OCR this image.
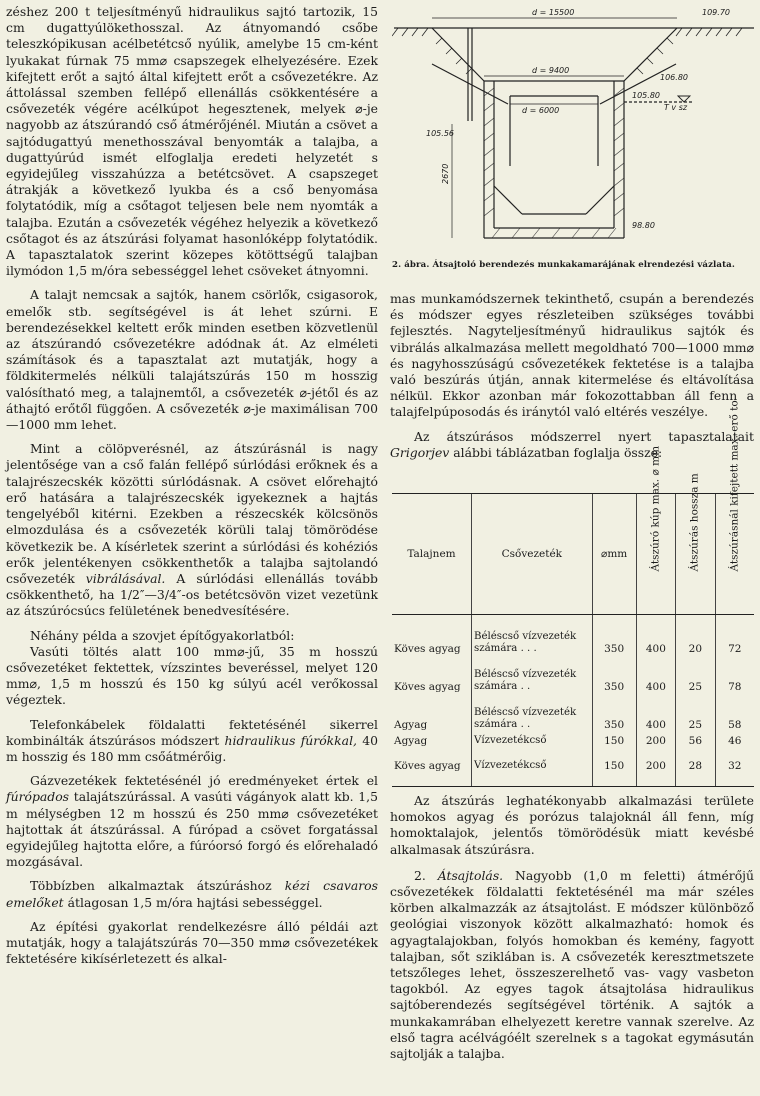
zéshez 200 t teljesítményű hidraulikus sajtó tartozik, 15 cm dugattyúlökethosszal. Az átnyomandó csőbe teleszkópikusan acélbetétcső nyúlik, amelybe 15 cm-ként lyukakat fúrnak 75 mm⌀ csapszegek elhelyezésére. Ezek kifejtett erőt a sajtó által kifejtett erőt a csővezetékre. Az áttolással szemben fellépő ellenállás csökkentésére a csővezeték végére acélkúpot hegesztenek, melyek ⌀-je nagyobb az átszúrandó cső átmérőjénél. Miután a csövet a sajtódugattyú menethosszával benyomták a talajba, a dugattyúrúd ismét elfoglalja eredeti helyzetét s egyidejűleg visszahúzza a betétcsövet. A csapszeget átrakják a következő lyukba és a cső benyomása folytatódik, míg a csőtagot teljesen bele nem nyomták a talajba. Ezután a csővezeték végéhez helyezik a következő csőtagot és az átszúrási folyamat hasonlóképp folytatódik. A tapasztalatok szerint közepes kötöttségű talajban ilymódon 1,5 m/óra sebességgel lehet csöveket átnyomni.

A talajt nemcsak a sajtók, hanem csörlők, csigasorok, emelők stb. segítségével is át lehet szúrni. E berendezésekkel keltett erők minden esetben közvetlenül az átszúrandó csővezetékre adódnak át. Az elméleti számítások és a tapasztalat azt mutatják, hogy a földkitermelés nélküli talajátszúrás 150 m hosszig valósítható meg, a talajnemtől, a csővezeték ⌀-jétől és az áthajtó erőtől függően. A csővezeték ⌀-je maximálisan 700—1000 mm lehet.

Mint a cölöpverésnél, az átszúrásnál is nagy jelentősége van a cső falán fellépő súrlódási erőknek és a talajrészecskék közötti súrlódásnak. A csövet előrehajtó erő hatására a talajrészecskék igyekeznek a hajtás tengelyéből kitérni. Ezekben a részecskék kölcsönös elmozdulása és a csővezeték körüli talaj tömörödése következik be. A kísérletek szerint a súrlódási és kohéziós erők jelentékenyen csökkenthetők a talajba sajtolandó csővezeték vibrálásával. A súrlódási ellenállás tovább csökkenthető, ha 1/2″—3/4″-os betétcsövön vizet vezetünk az átszúrócsúcs felületének benedvesítésére.

Néhány példa a szovjet építőgyakorlatból:

Vasúti töltés alatt 100 mm⌀-jű, 35 m hosszú csővezetéket fektettek, vízszintes beveréssel, melyet 120 mm⌀, 1,5 m hosszú és 150 kg súlyú acél verőkossal végeztek.

Telefonkábelek földalatti fektetésénél sikerrel kombinálták átszúrásos módszert hidraulikus fúrókkal, 40 m hosszig és 180 mm csőátmérőig.

Gázvezetékek fektetésénél jó eredményeket értek el fúrópados talajátszúrással. A vasúti vágányok alatt kb. 1,5 m mélységben 12 m hosszú és 250 mm⌀ csővezetéket hajtottak át átszúrással. A fúrópad a csövet forgatással egyidejűleg hajtotta előre, a fúróorsó forgó és előrehaladó mozgásával.

Többízben alkalmaztak átszúráshoz kézi csavaros emelőket átlagosan 1,5 m/óra hajtási sebességgel.

Az építési gyakorlat rendelkezésre álló példái azt mutatják, hogy a talajátszúrás 70—350 mm⌀ csővezetékek fektetésére kikísérletezett és alkal-

d = 15500	109.70
d = 9400
106.80
d = 6000
105.80
T v sz
105.56
2670
98.80
2. ábra. Átsajtoló berendezés munkakamarájának elrendezési vázlata.

mas munkamódszernek tekinthető, csupán a berendezés és módszer egyes részleteiben szükséges további fejlesztés. Nagyteljesítményű hidraulikus sajtók és vibrálás alkalmazása mellett megoldható 700—1000 mm⌀ és nagyhosszúságú csővezetékek fektetése is a talajba való beszúrás útján, annak kitermelése és eltávolítása nélkül. Ekkor azonban már fokozottabban áll fenn a talajfelpúposodás és iránytól való eltérés veszélye.

Az átszúrásos módszerrel nyert tapasztalatait Grigorjev alábbi táblázatban foglalja össze:

Az átszúrás leghatékonyabb alkalmazási területe homokos agyag és porózus talajoknál áll fenn, míg homoktalajok, jelentős tömörödésük miatt kevésbé alkalmasak átszúrásra.

2. Átsajtolás. Nagyobb (1,0 m feletti) átmérőjű csővezetékek földalatti fektetésénél ma már széles körben alkalmazzák az átsajtolást. E módszer különböző geológiai viszonyok között alkalmazható: homok és agyagtalajokban, folyós homokban és kemény, fagyott talajban, sőt sziklában is. A csővezeték keresztmetszete tetszőleges lehet, összeszerelhető vas- vagy vasbeton tagokból. Az egyes tagok átsajtolása hidraulikus sajtóberendezés segítségével történik. A sajtók a munkakamrában elhelyezett keretre vannak szerelve. Az első tagra acélvágóélt szerelnek s a tagokat egymásután sajtolják a talajba.

Talajnem	Csővezeték	⌀mm	Átszúró kúp max. ⌀ mm	Átszúrás hossza m	Átszúrásnál kifejtett max. erő to

Köves agyag	Béléscső vízvezeték számára . . .	350	400	20	72
Köves agyag	Béléscső vízvezeték számára . .	350	400	25	78
Agyag	Béléscső vízvezeték számára . .	350	400	25	58
Agyag	Vízvezetékcső	150	200	56	46
Köves agyag	Vízvezetékcső	150	200	28	32
